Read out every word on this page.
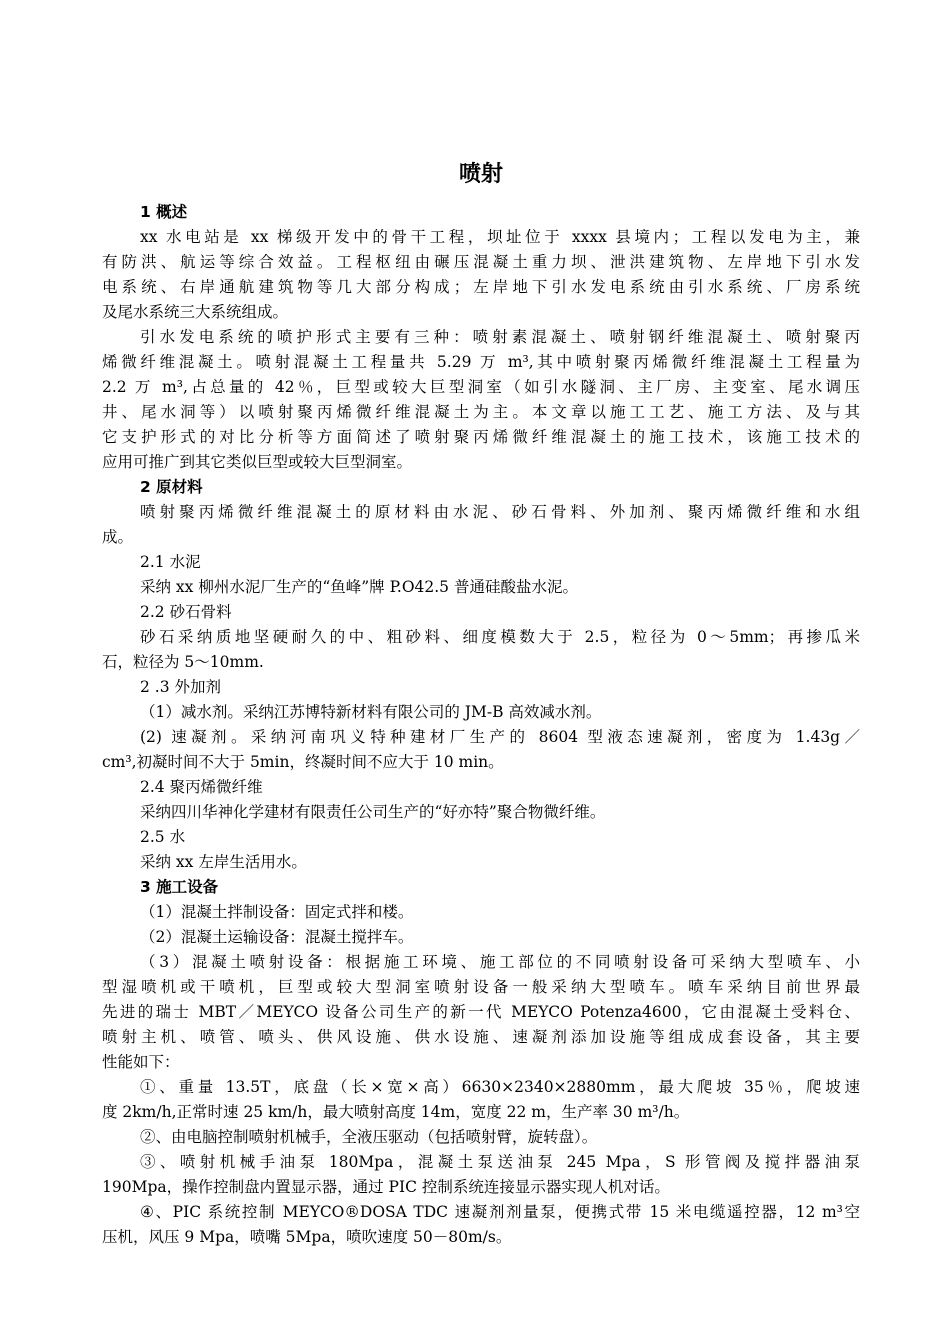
喷射
1 概述
xx 水电站是 xx 梯级开发中的骨干工程，坝址位于 xxxx 县境内；工程以发电为主，兼
有防洪、航运等综合效益。工程枢纽由碾压混凝土重力坝、泄洪建筑物、左岸地下引水发
电系统、右岸通航建筑物等几大部分构成；左岸地下引水发电系统由引水系统、厂房系统
及尾水系统三大系统组成。
引水发电系统的喷护形式主要有三种：喷射素混凝土、喷射钢纤维混凝土、喷射聚丙
烯微纤维混凝土。喷射混凝土工程量共 5.29 万 m³,其中喷射聚丙烯微纤维混凝土工程量为
2.2 万 m³,占总量的 42％，巨型或较大巨型洞室（如引水隧洞、主厂房、主变室、尾水调压
井、尾水洞等）以喷射聚丙烯微纤维混凝土为主。本文章以施工工艺、施工方法、及与其
它支护形式的对比分析等方面简述了喷射聚丙烯微纤维混凝土的施工技术，该施工技术的
应用可推广到其它类似巨型或较大巨型洞室。
2 原材料
喷射聚丙烯微纤维混凝土的原材料由水泥、砂石骨料、外加剂、聚丙烯微纤维和水组
成。
2.1 水泥
采纳 xx 柳州水泥厂生产的“鱼峰”牌 P.O42.5 普通硅酸盐水泥。
2.2 砂石骨料
砂石采纳质地坚硬耐久的中、粗砂料、细度模数大于 2.5，粒径为 0～5mm；再掺瓜米
石，粒径为 5～10mm.
2 .3 外加剂
（1）减水剂。采纳江苏博特新材料有限公司的 JM-B 高效减水剂。
(2) 速凝剂。采纳河南巩义特种建材厂生产的 8604 型液态速凝剂，密度为 1.43g／
cm³,初凝时间不大于 5min，终凝时间不应大于 10 min。
2.4 聚丙烯微纤维
采纳四川华神化学建材有限责任公司生产的“好亦特”聚合物微纤维。
2.5 水
采纳 xx 左岸生活用水。
3 施工设备
（1）混凝土拌制设备：固定式拌和楼。
（2）混凝土运输设备：混凝土搅拌车。
（3）混凝土喷射设备：根据施工环境、施工部位的不同喷射设备可采纳大型喷车、小
型湿喷机或干喷机，巨型或较大型洞室喷射设备一般采纳大型喷车。喷车采纳目前世界最
先进的瑞士 MBT／MEYCO 设备公司生产的新一代 MEYCO Potenza4600，它由混凝土受料仓、
喷射主机、喷管、喷头、供风设施、供水设施、速凝剂添加设施等组成成套设备，其主要
性能如下：
①、重量 13.5T，底盘（长×宽×高）6630×2340×2880mm，最大爬坡 35％，爬坡速
度 2km/h,正常时速 25 km/h，最大喷射高度 14m，宽度 22 m，生产率 30 m³/h。
②、由电脑控制喷射机械手，全液压驱动（包括喷射臂，旋转盘）。
③、喷射机械手油泵 180Mpa，混凝土泵送油泵 245 Mpa，S 形管阀及搅拌器油泵
190Mpa，操作控制盘内置显示器，通过 PIC 控制系统连接显示器实现人机对话。
④、PIC 系统控制 MEYCO®DOSA TDC 速凝剂剂量泵，便携式带 15 米电缆遥控器，12 m³空
压机，风压 9 Mpa，喷嘴 5Mpa，喷吹速度 50－80m/s。
